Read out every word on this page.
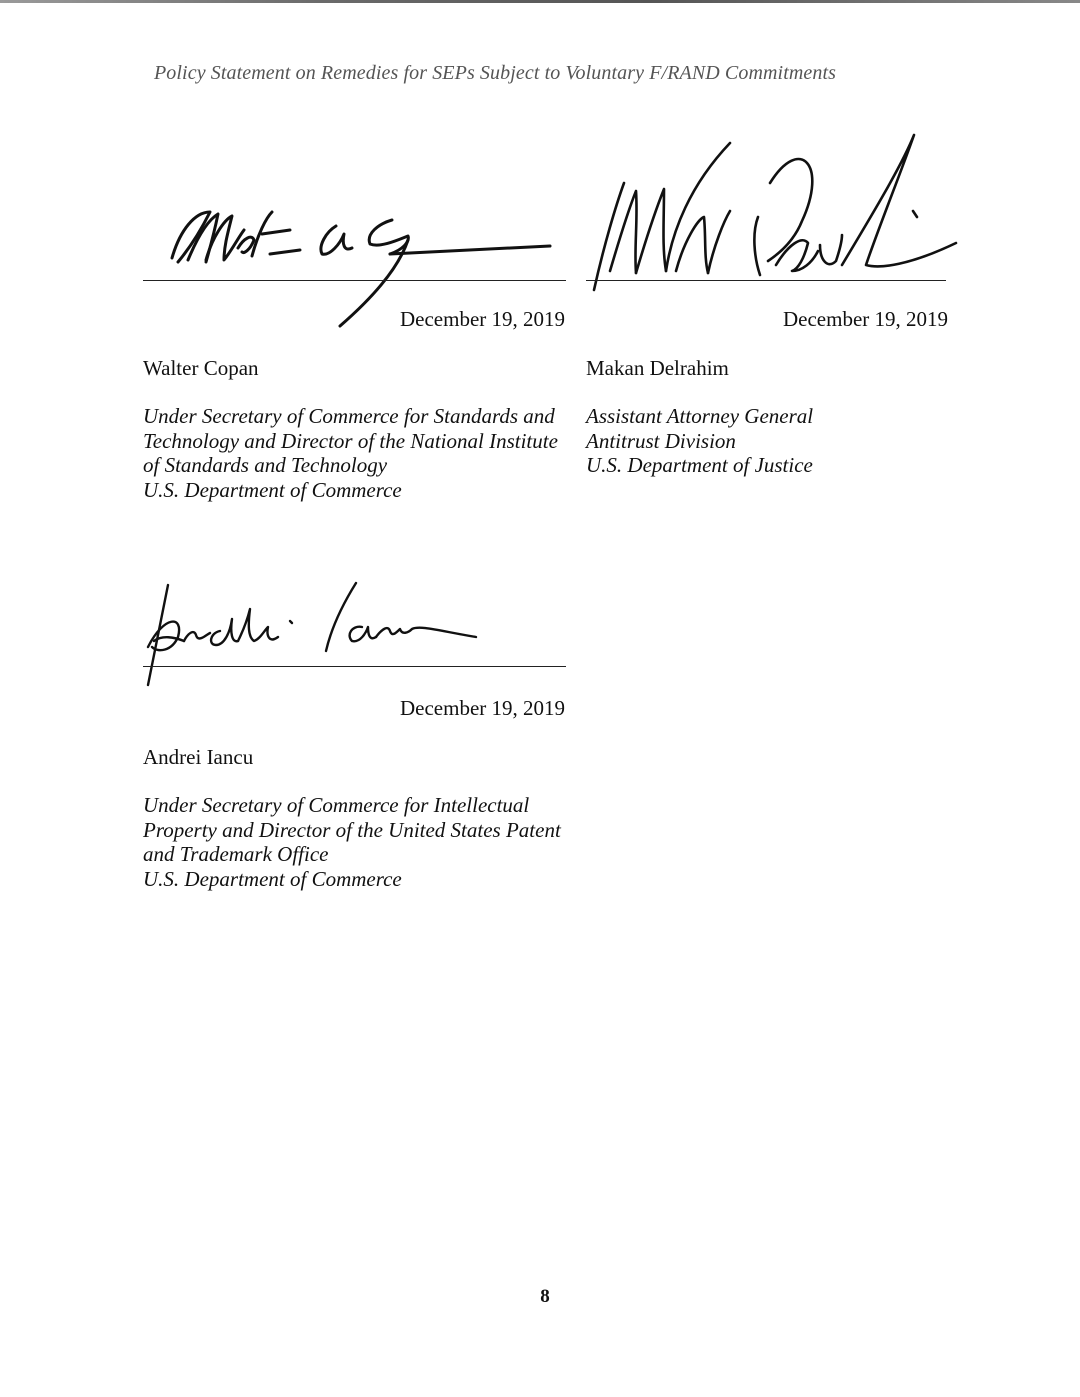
Policy Statement on Remedies for SEPs Subject to Voluntary F/RAND Commitments
December 19, 2019
Walter Copan
Under Secretary of Commerce for Standards and
Technology and Director of the National Institute
of Standards and Technology
U.S. Department of Commerce
December 19, 2019
Makan Delrahim
Assistant Attorney General
Antitrust Division
U.S. Department of Justice
December 19, 2019
Andrei Iancu
Under Secretary of Commerce for Intellectual
Property and Director of the United States Patent
and Trademark Office
U.S. Department of Commerce
8
